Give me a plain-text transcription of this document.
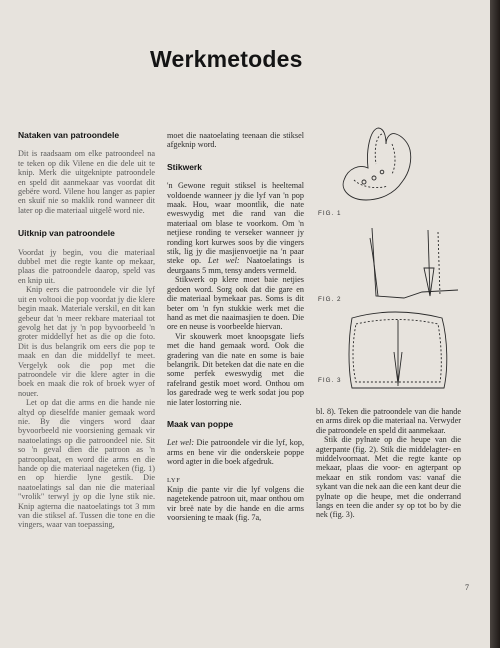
Werkmetodes
Nataken van patroondele

Dit is raadsaam om elke patroondeel na te teken op dik Vilene en die dele uit te knip. Merk die uitgeknipte patroondele en speld dit aanmekaar vas voordat dit gebëre word. Vilene hou langer as papier en skuif nie so maklik rond wanneer dit later op die materiaal uitgelê word nie.

Uitknip van patroondele

Voordat jy begin, vou die materiaal dubbel met die regte kante op mekaar, plaas die patroondele daarop, speld vas en knip uit.

Knip eers die patroondele vir die lyf uit en voltooi die pop voordat jy die klere begin maak. Materiale verskil, en dit kan gebeur dat 'n meer rekbare materiaal tot gevolg het dat jy 'n pop byvoorbeeld 'n groter middellyf het as die op die foto. Dit is dus belangrik om eers die pop te maak en dan die middellyf te meet. Vergelyk ook die pop met die patroondele vir die klere agter in die boek en maak die rok of broek wyer of nouer.

Let op dat die arms en die hande nie altyd op dieselfde manier gemaak word nie. By die vingers word daar byvoorbeeld nie voorsiening gemaak vir naatoelatings op die patroondeel nie. Sit so 'n geval dien die patroon as 'n patroonplaat, en word die arms en die hande op die materiaal nageteken (fig. 1) en op hierdie lyne gestik. Die naatoelatings sal dan nie die materiaal "vrolik" terwyl jy op die lyne stik nie. Knip agterna die naatoelatings tot 3 mm van die stiksel af. Tussen die tone en die vingers, waar van toepassing,

moet die naatoelating teenaan die stiksel afgeknip word.

Stikwerk

'n Gewone reguit stiksel is heeltemal voldoende wanneer jy die lyf van 'n pop maak. Hou, waar moontlik, die nate eweswydig met die rand van die materiaal om blase te voorkom. Om 'n netjiese ronding te verseker wanneer jy ronding kort kurwes soos by die vingers stik, lig jy die masjienvoetjie na 'n paar steke op. Let wel: Naatoelatings is deurgaans 5 mm, tensy anders vermeld.

Stikwerk op klere moet baie netjies gedoen word. Sorg ook dat die gare en die materiaal bymekaar pas. Soms is dit beter om 'n fyn stukkie werk met die hand as met die naaimasjien te doen. Die ore en neuse is voorbeelde hiervan.

Vir skouwerk moet knoopsgate liefs met die hand gemaak word. Ook die gradering van die nate en some is baie belangrik. Dit beteken dat die nate en die some perfek eweswydig met die rafelrand gestik moet word. Onthou om los garedrade weg te werk sodat jou pop nie later lostorring nie.

Maak van poppe

Let wel: Die patroondele vir die lyf, kop, arms en bene vir die onderskeie poppe word agter in die boek afgedruk.

LYF

Knip die pante vir die lyf volgens die nagetekende patroon uit, maar onthou om vir breë nate by die hande en die arms voorsiening te maak (fig. 7a,

FIG. 1
FIG. 2
FIG. 3

bl. 8). Teken die patroondele van die hande en arms direk op die materiaal na. Verwyder die patroondele en speld dit aanmekaar.

Stik die pylnate op die heupe van die agterpante (fig. 2). Stik die middelagter- en middelvoornaat. Met die regte kante op mekaar, plaas die voor- en agterpant op mekaar en stik rondom vas: vanaf die sykant van die nek aan die een kant deur die pylnate op die heupe, met die onderrand langs en teen die ander sy op tot bo by die nek (fig. 3).

7
